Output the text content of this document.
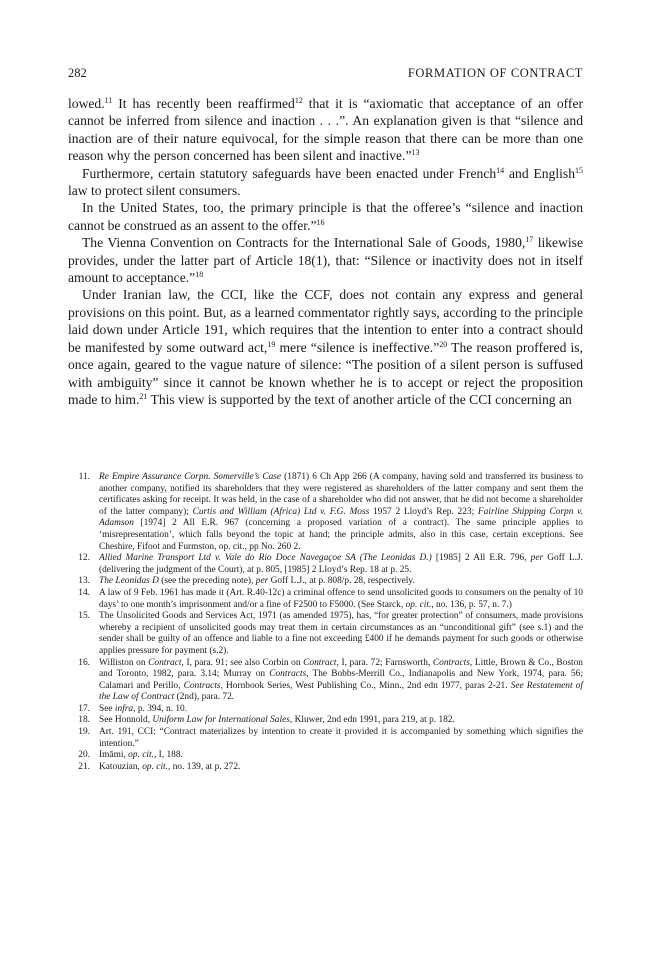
282	FORMATION OF CONTRACT

lowed.$^{11}$ It has recently been reaffirmed$^{12}$ that it is “axiomatic that acceptance of an offer cannot be inferred from silence and inaction . . .”. An explanation given is that “silence and inaction are of their nature equivocal, for the simple reason that there can be more than one reason why the person concerned has been silent and inactive.”$^{13}$

Furthermore, certain statutory safeguards have been enacted under French$^{14}$ and English$^{15}$ law to protect silent consumers.

In the United States, too, the primary principle is that the offeree’s “silence and inaction cannot be construed as an assent to the offer.”$^{16}$

The Vienna Convention on Contracts for the International Sale of Goods, 1980,17 likewise provides, under the latter part of Article 18(1), that: “Silence or inactivity does not in itself amount to acceptance.”$^{18}$

Under Iranian law, the CCI, like the CCF, does not contain any express and general provisions on this point. But, as a learned commentator rightly says, according to the principle laid down under Article 191, which requires that the intention to enter into a contract should be manifested by some outward act,$^{19}$ mere “silence is ineffective.”$^{20}$ The reason proffered is, once again, geared to the vague nature of silence: “The position of a silent person is suffused with ambiguity” since it cannot be known whether he is to accept or reject the proposition made to him.$^{21}$ This view is supported by the text of another article of the CCI concerning an

11. Re Empire Assurance Corpn. Somerville’s Case (1871) 6 Ch App 266 (A company, having sold and transferred its business to another company, notified its shareholders that they were registered as shareholders of the latter company and sent them the certificates asking for receipt. It was held, in the case of a shareholder who did not answer, that he did not become a shareholder of the latter company); Curtis and William (Africa) Ltd v. F.G. Moss 1957 2 Lloyd’s Rep. 223; Fairline Shipping Corpn v. Adamson [1974] 2 All E.R. 967 (concerning a proposed variation of a contract). The same principle applies to ‘misrepresentation’, which falls beyond the topic at hand; the principle admits, also in this case, certain exceptions. See Cheshire, Fifoot and Furmston, op. cit., pp No. 260 2.
12. Allied Marine Transport Ltd v. Vale do Rio Doce Navegaçoe SA (The Leonidas D.) [1985] 2 All E.R. 796, per Goff L.J. (delivering the judgment of the Court), at p. 805, [1985] 2 Lloyd’s Rep. 18 at p. 25.
13. The Leonidas D (see the preceding note), per Goff L.J., at p. 808/p. 28, respectively.
14. A law of 9 Feb. 1961 has made it (Art. R.40-12c) a criminal offence to send unsolicited goods to consumers on the penalty of 10 days’ to one month’s imprisonment and/or a fine of F2500 to F5000. (See Starck, op. cit., no. 136, p. 57, n. 7.)
15. The Unsolicited Goods and Services Act, 1971 (as amended 1975), has, “for greater protection” of consumers, made provisions whereby a recipient of unsolicited goods may treat them in certain circumstances as an “unconditional gift” (see s.1) and the sender shall be guilty of an offence and liable to a fine not exceeding £400 if he demands payment for such goods or otherwise applies pressure for payment (s.2).
16. Williston on Contract, I, para. 91; see also Corbin on Contract, I, para. 72; Farnsworth, Contracts, Little, Brown & Co., Boston and Toronto, 1982, para. 3.14; Murray on Contracts, The Bobbs-Merrill Co., Indianapolis and New York, 1974, para. 56; Calamari and Perillo, Contracts, Hornbook Series, West Publishing Co., Minn., 2nd edn 1977, paras 2-21. See Restatement of the Law of Contract (2nd), para. 72.
17. See infra, p. 394, n. 10.
18. See Honnold, Uniform Law for International Sales, Kluwer, 2nd edn 1991, para 219, at p. 182.
19. Art. 191, CCI: “Contract materializes by intention to create it provided it is accompanied by something which signifies the intention.”
20. Imāmi, op. cit., I, 188.
21. Katouzian, op. cit., no. 139, at p. 272.
